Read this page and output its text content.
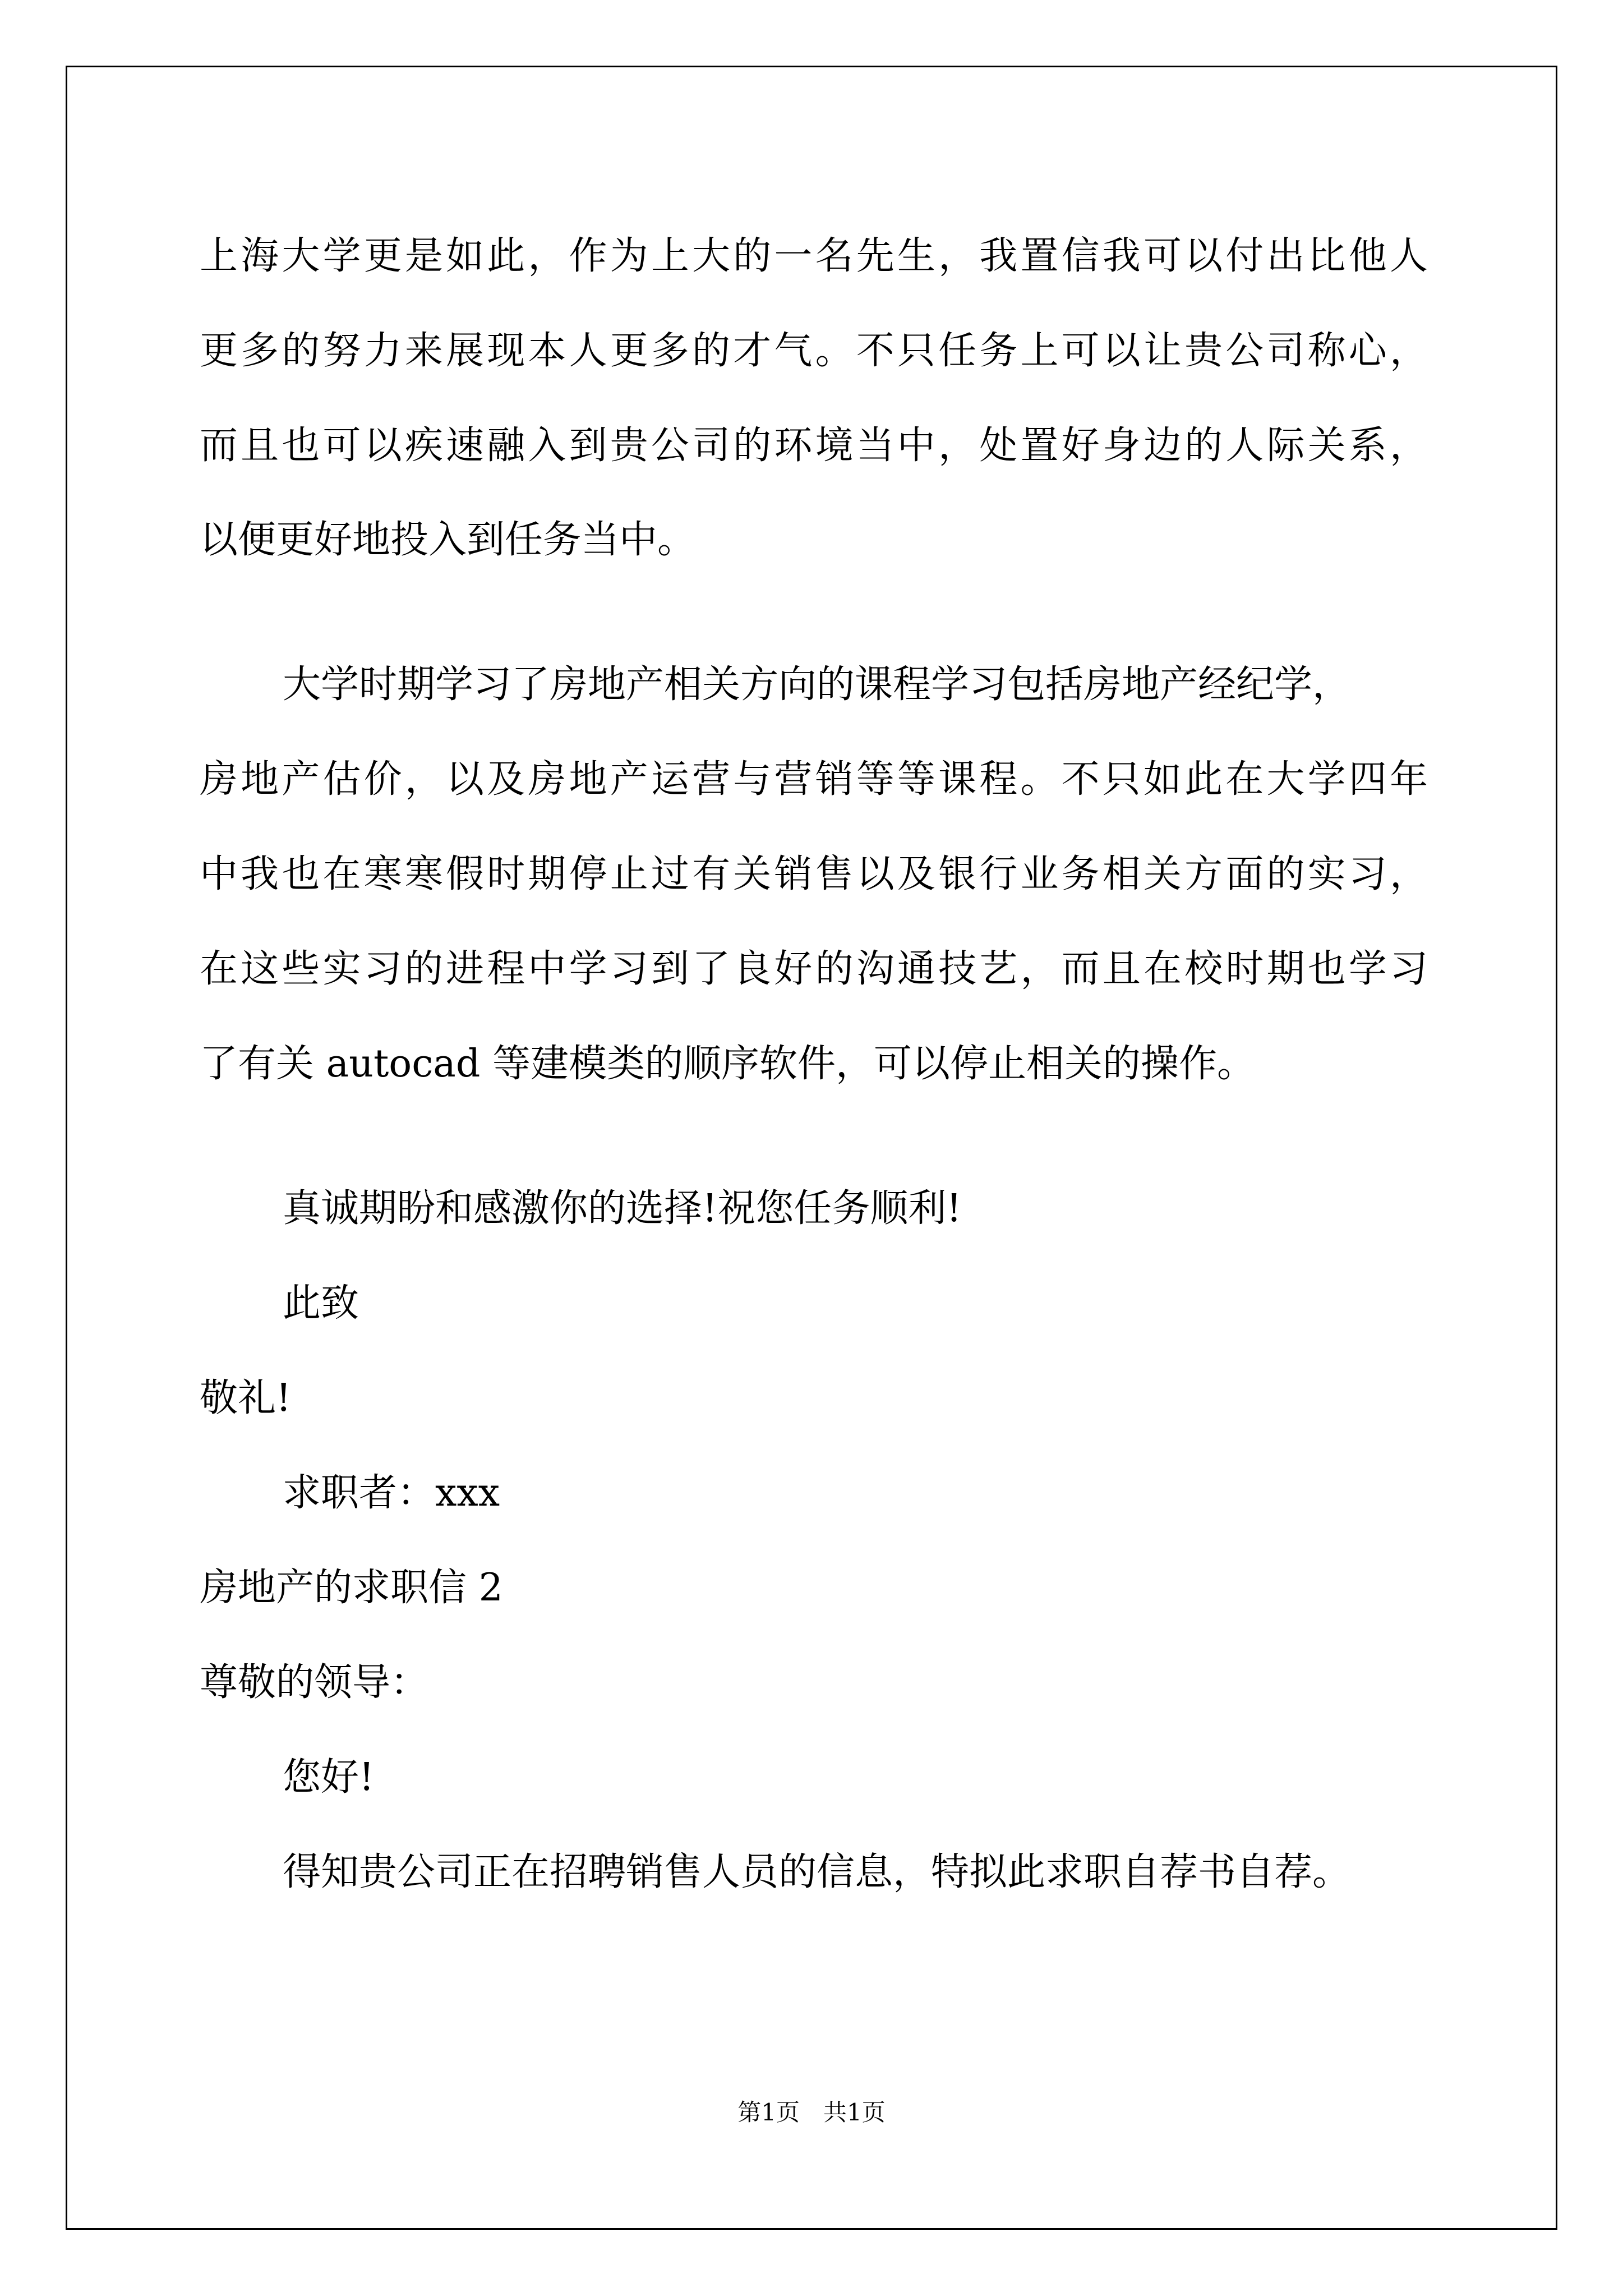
上海大学更是如此，作为上大的一名先生，我置信我可以付出比他人
更多的努力来展现本人更多的才气。不只任务上可以让贵公司称心，
而且也可以疾速融入到贵公司的环境当中，处置好身边的人际关系，
以便更好地投入到任务当中。
大学时期学习了房地产相关方向的课程学习包括房地产经纪学，
房地产估价，以及房地产运营与营销等等课程。不只如此在大学四年
中我也在寒寒假时期停止过有关销售以及银行业务相关方面的实习，
在这些实习的进程中学习到了良好的沟通技艺，而且在校时期也学习
了有关 autocad 等建模类的顺序软件，可以停止相关的操作。
真诚期盼和感激你的选择!祝您任务顺利!
此致
敬礼!
求职者：xxx
房地产的求职信 2
尊敬的领导：
您好!
得知贵公司正在招聘销售人员的信息，特拟此求职自荐书自荐。
第1页　共1页
